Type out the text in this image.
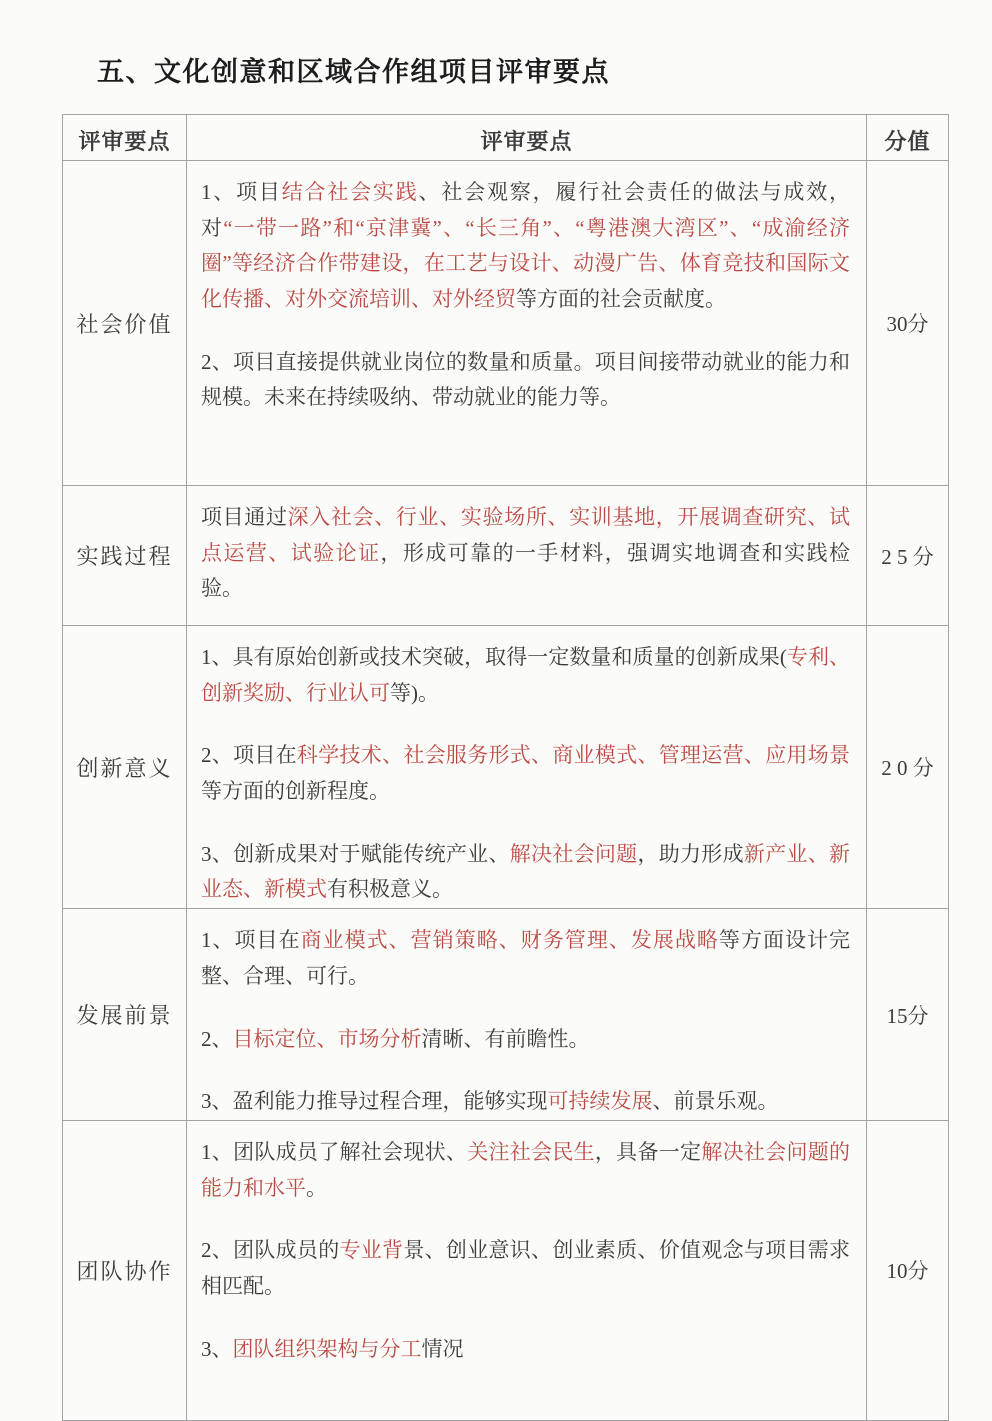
五、文化创意和区域合作组项目评审要点
评审要点	评审要点	分值
社会价值	1、项目结合社会实践、社会观察，履行社会责任的做法与成效，对“一带一路”和“京津冀”、“长三角”、“粤港澳大湾区”、“成渝经济圈”等经济合作带建设，在工艺与设计、动漫广告、体育竞技和国际文化传播、对外交流培训、对外经贸等方面的社会贡献度。

2、项目直接提供就业岗位的数量和质量。项目间接带动就业的能力和规模。未来在持续吸纳、带动就业的能力等。	30分
实践过程	项目通过深入社会、行业、实验场所、实训基地，开展调查研究、试点运营、试验论证，形成可靠的一手材料，强调实地调查和实践检验。	2 5 分
创新意义	1、具有原始创新或技术突破，取得一定数量和质量的创新成果(专利、创新奖励、行业认可等)。

2、项目在科学技术、社会服务形式、商业模式、管理运营、应用场景等方面的创新程度。

3、创新成果对于赋能传统产业、解决社会问题，助力形成新产业、新业态、新模式有积极意义。	2 0 分
发展前景	1、项目在商业模式、营销策略、财务管理、发展战略等方面设计完整、合理、可行。

2、目标定位、市场分析清晰、有前瞻性。

3、盈利能力推导过程合理，能够实现可持续发展、前景乐观。	15分
团队协作	1、团队成员了解社会现状、关注社会民生，具备一定解决社会问题的能力和水平。

2、团队成员的专业背景、创业意识、创业素质、价值观念与项目需求相匹配。

3、团队组织架构与分工情况	10分
